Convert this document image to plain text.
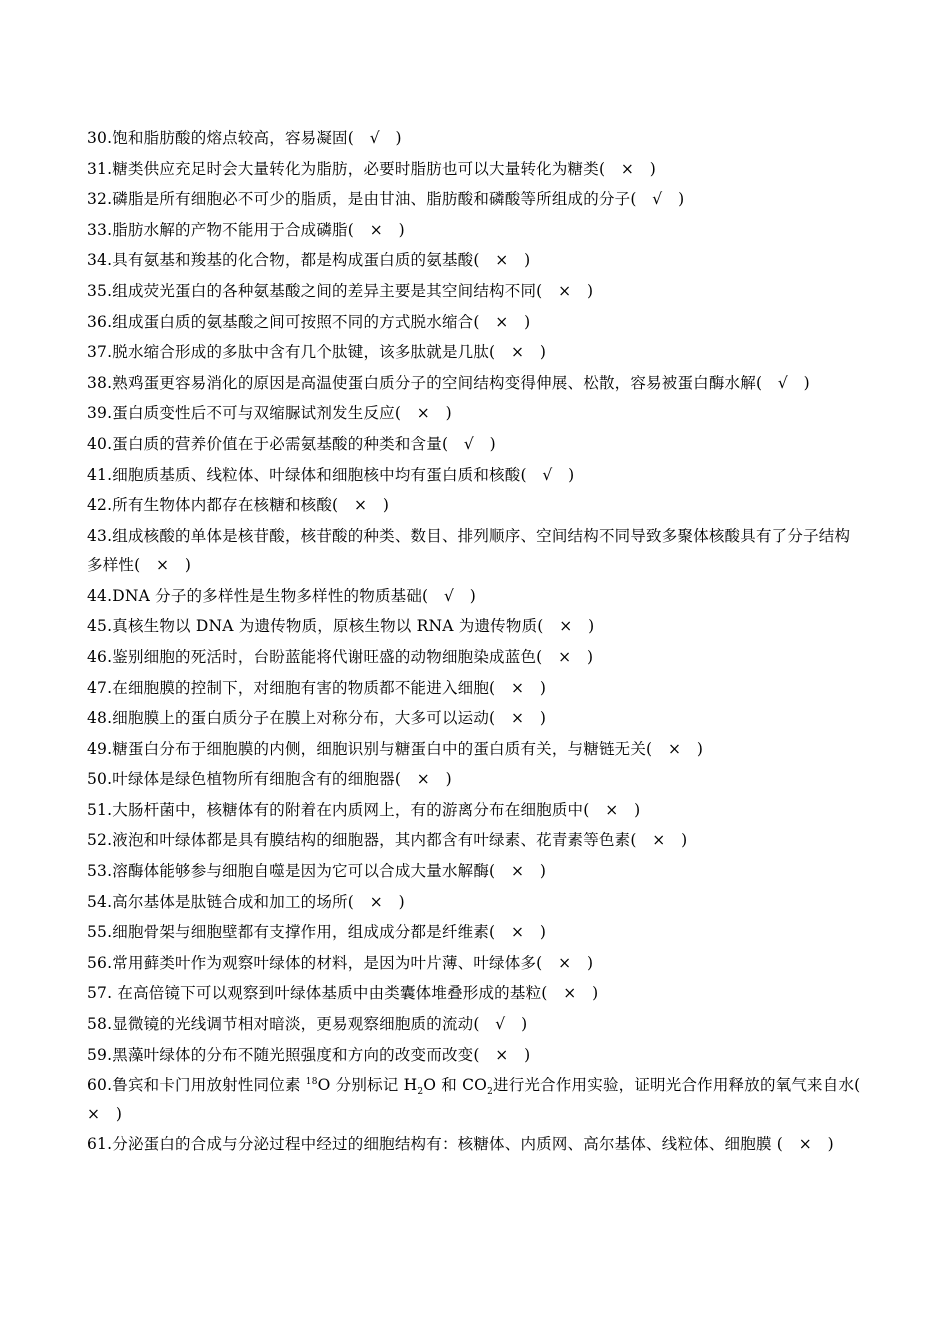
30.饱和脂肪酸的熔点较高，容易凝固(　√　)
31.糖类供应充足时会大量转化为脂肪，必要时脂肪也可以大量转化为糖类(　×　)
32.磷脂是所有细胞必不可少的脂质，是由甘油、脂肪酸和磷酸等所组成的分子(　√　)
33.脂肪水解的产物不能用于合成磷脂(　×　)
34.具有氨基和羧基的化合物，都是构成蛋白质的氨基酸(　×　)
35.组成荧光蛋白的各种氨基酸之间的差异主要是其空间结构不同(　×　)
36.组成蛋白质的氨基酸之间可按照不同的方式脱水缩合(　×　)
37.脱水缩合形成的多肽中含有几个肽键，该多肽就是几肽(　×　)
38.熟鸡蛋更容易消化的原因是高温使蛋白质分子的空间结构变得伸展、松散，容易被蛋白酶水解(　√　)
39.蛋白质变性后不可与双缩脲试剂发生反应(　×　)
40.蛋白质的营养价值在于必需氨基酸的种类和含量(　√　)
41.细胞质基质、线粒体、叶绿体和细胞核中均有蛋白质和核酸(　√　)
42.所有生物体内都存在核糖和核酸(　×　)
43.组成核酸的单体是核苷酸，核苷酸的种类、数目、排列顺序、空间结构不同导致多聚体核酸具有了分子结构多样性(　×　)
44.DNA 分子的多样性是生物多样性的物质基础(　√　)
45.真核生物以 DNA 为遗传物质，原核生物以 RNA 为遗传物质(　×　)
46.鉴别细胞的死活时，台盼蓝能将代谢旺盛的动物细胞染成蓝色(　×　)
47.在细胞膜的控制下，对细胞有害的物质都不能进入细胞(　×　)
48.细胞膜上的蛋白质分子在膜上对称分布，大多可以运动(　×　)
49.糖蛋白分布于细胞膜的内侧，细胞识别与糖蛋白中的蛋白质有关，与糖链无关(　×　)
50.叶绿体是绿色植物所有细胞含有的细胞器(　×　)
51.大肠杆菌中，核糖体有的附着在内质网上，有的游离分布在细胞质中(　×　)
52.液泡和叶绿体都是具有膜结构的细胞器，其内都含有叶绿素、花青素等色素(　×　)
53.溶酶体能够参与细胞自噬是因为它可以合成大量水解酶(　×　)
54.高尔基体是肽链合成和加工的场所(　×　)
55.细胞骨架与细胞壁都有支撑作用，组成成分都是纤维素(　×　)
56.常用藓类叶作为观察叶绿体的材料，是因为叶片薄、叶绿体多(　×　)
57. 在高倍镜下可以观察到叶绿体基质中由类囊体堆叠形成的基粒(　×　)
58.显微镜的光线调节相对暗淡，更易观察细胞质的流动(　√　)
59.黑藻叶绿体的分布不随光照强度和方向的改变而改变(　×　)
60.鲁宾和卡门用放射性同位素 $^{18}$O 分别标记 $H_2O$ 和 $CO_2$进行光合作用实验，证明光合作用释放的氧气来自水(　×　)
61.分泌蛋白的合成与分泌过程中经过的细胞结构有：核糖体、内质网、高尔基体、线粒体、细胞膜 (　×　)
